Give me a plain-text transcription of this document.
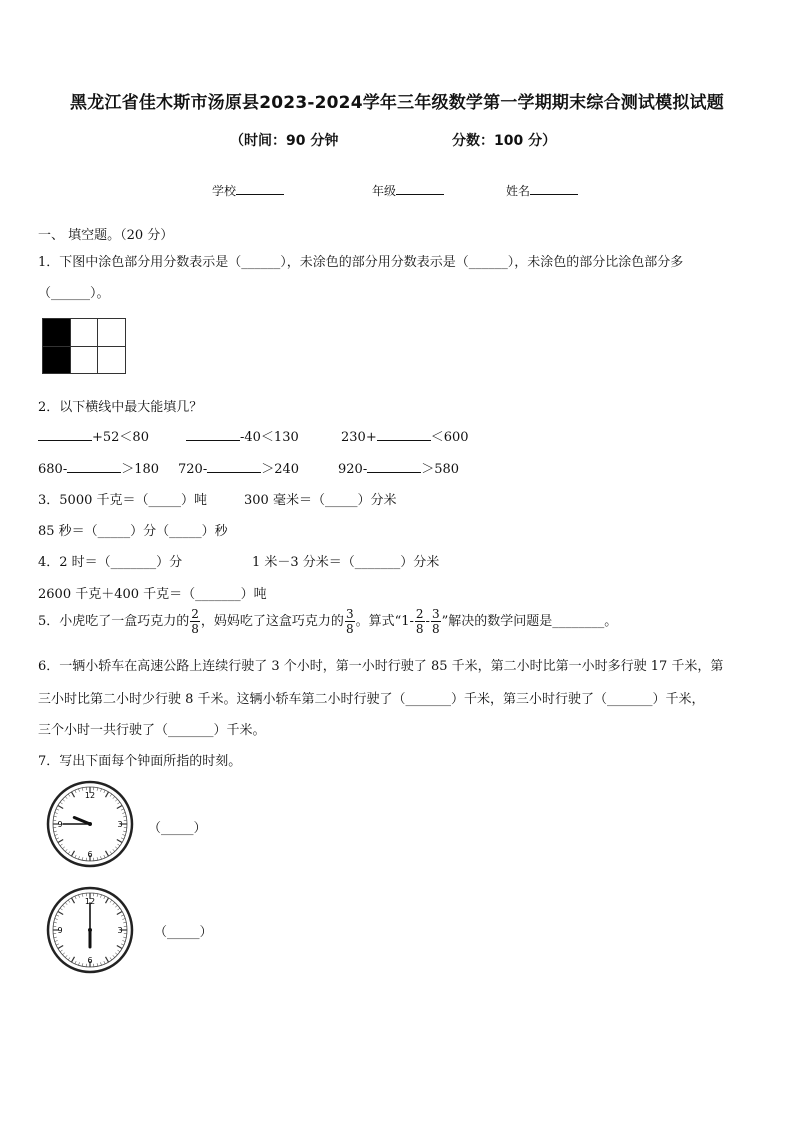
黑龙江省佳木斯市汤原县2023-2024学年三年级数学第一学期期末综合测试模拟试题
（时间：90 分钟	分数：100 分）
学校	年级	姓名
一、 填空题。（20 分）
1．下图中涂色部分用分数表示是（______），未涂色的部分用分数表示是（______），未涂色的部分比涂色部分多
（______）。

2．以下横线中最大能填几？
+52＜80	-40＜130	230+	＜600
680-	＞180 720-	＞240	920-	＞580
3．5000 千克＝（_____）吨	300 毫米＝（_____）分米
85 秒＝（_____）分（_____）秒
4．2 时＝（_______）分	1 米－3 分米＝（_______）分米
2600 千克＋400 千克＝（_______）吨
5．小虎吃了一盒巧克力的 $\frac{2}{8}$ ，妈妈吃了这盒巧克力的 $\frac{3}{8}$ 。算式“$1- \frac{2}{8} - \frac{3}{8}$ ”解决的数学问题是________。
6．一辆小轿车在高速公路上连续行驶了 3 个小时，第一小时行驶了 85 千米，第二小时比第一小时多行驶 17 千米，第
三小时比第二小时少行驶 8 千米。这辆小轿车第二小时行驶了（_______）千米，第三小时行驶了（_______）千米，
三个小时一共行驶了（_______）千米。
7．写出下面每个钟面所指的时刻。
12
3
6
9	（_____）
12
3
6
9	（_____）
